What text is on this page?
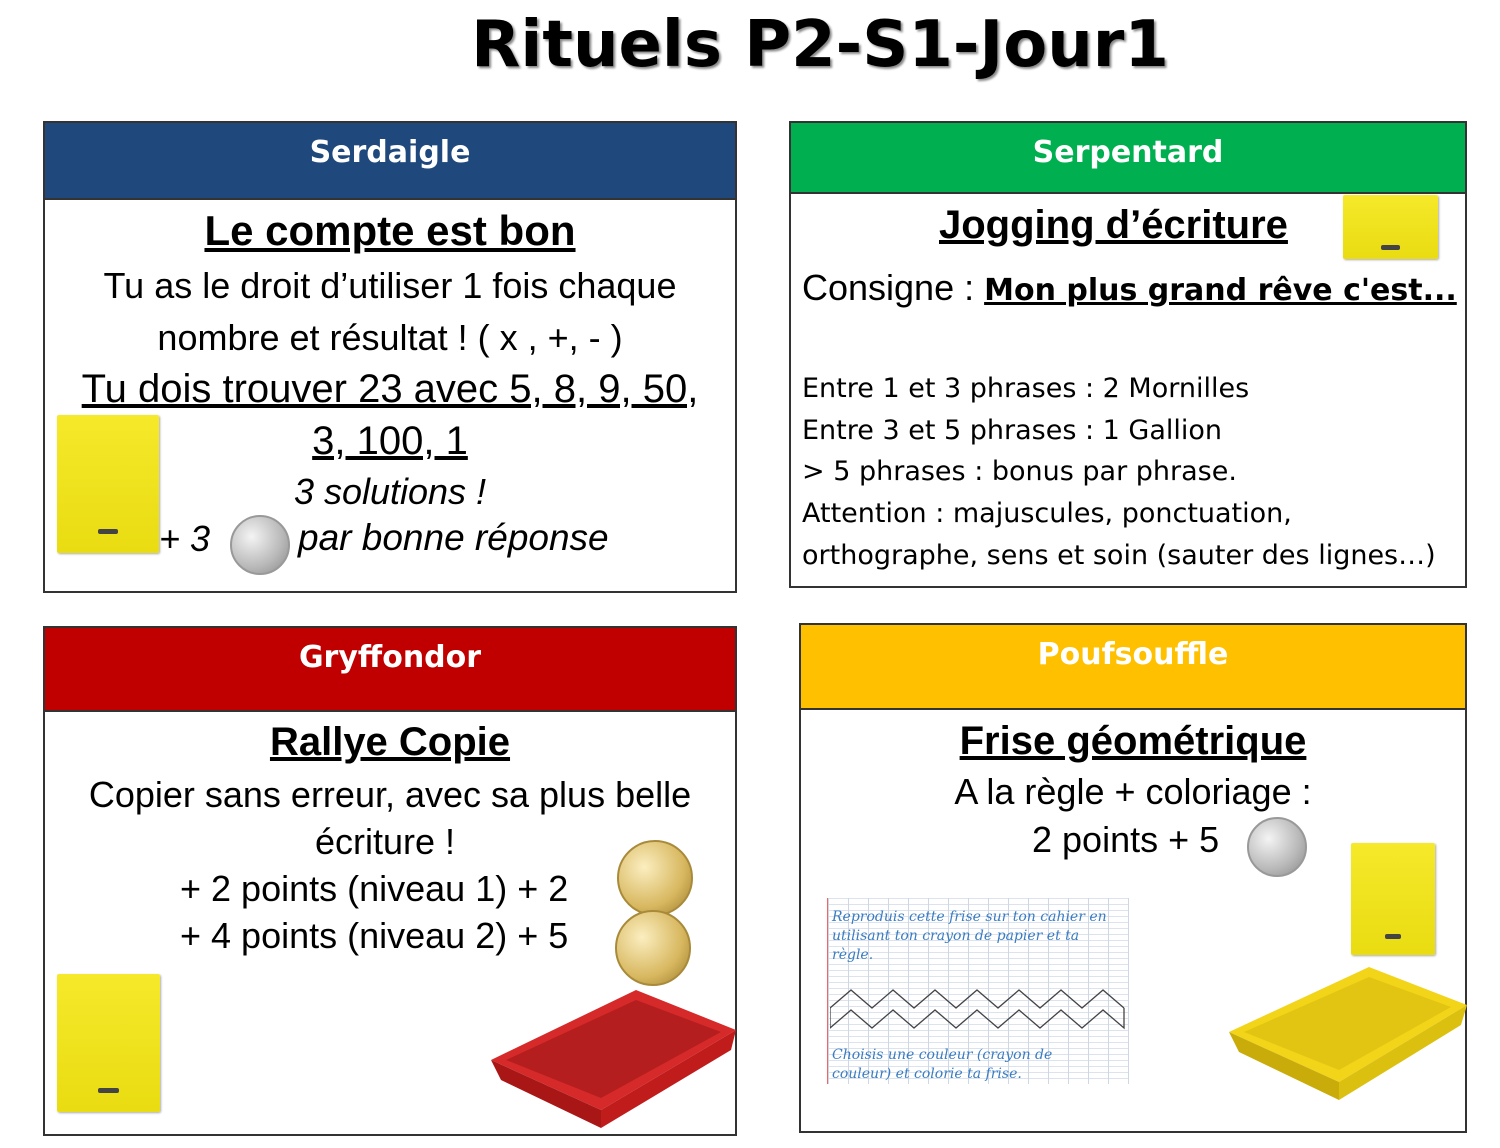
Rituels P2-S1-Jour1
Serdaigle
Le compte est bon
Tu as le droit d’utiliser 1 fois chaque
nombre et résultat ! ( x , +, - )
Tu dois trouver 23 avec 5, 8, 9, 50,
3, 100, 1
3 solutions !
+ 3 par bonne réponse
Serpentard
Jogging d’écriture
Consigne : Mon plus grand rêve c'est...
Entre 1 et 3 phrases : 2 Mornilles
Entre 3 et 5 phrases : 1 Gallion
> 5 phrases : bonus par phrase.
Attention : majuscules, ponctuation,
orthographe, sens et soin (sauter des lignes…)
Gryffondor
Rallye Copie
Copier sans erreur, avec sa plus belle
écriture !
+ 2 points (niveau 1) + 2
+ 4 points (niveau 2) + 5
Poufsouffle
Frise géométrique
A la règle + coloriage :
2 points + 5
Reproduis cette frise sur ton cahier en utilisant ton crayon de papier et ta règle.
Choisis une couleur (crayon de couleur) et colorie ta frise.
